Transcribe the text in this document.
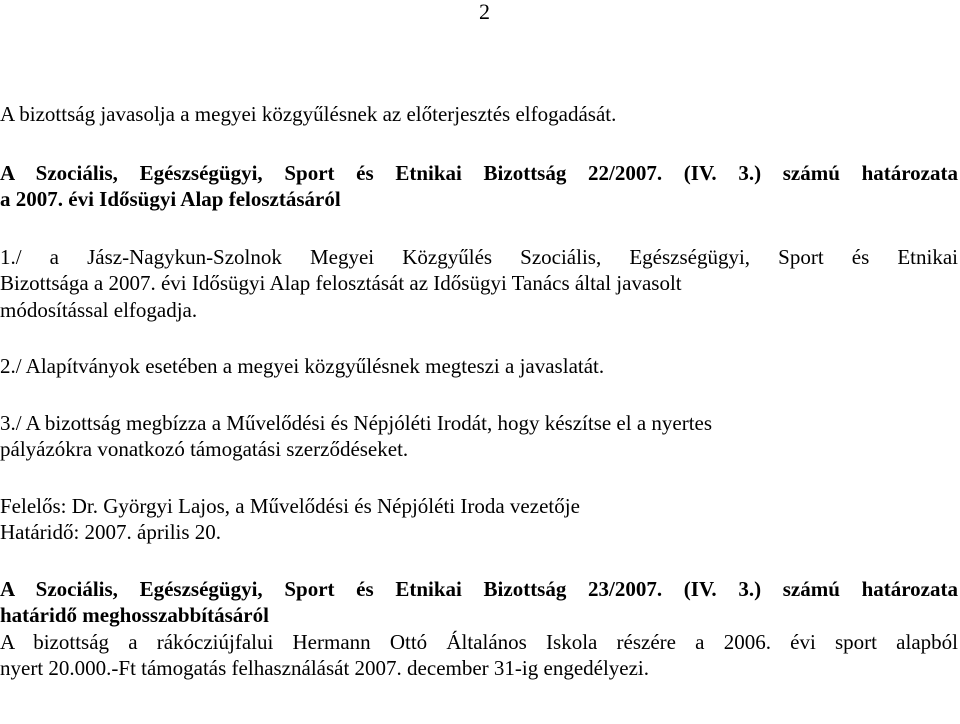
2

A bizottság javasolja a megyei közgyűlésnek az előterjesztés elfogadását.

A Szociális, Egészségügyi, Sport és Etnikai Bizottság 22/2007. (IV. 3.) számú határozata
a 2007. évi Idősügyi Alap felosztásáról

1./ a Jász-Nagykun-Szolnok Megyei Közgyűlés Szociális, Egészségügyi, Sport és Etnikai
Bizottsága a 2007. évi Idősügyi Alap felosztását az Idősügyi Tanács által javasolt
módosítással elfogadja.

2./ Alapítványok esetében a megyei közgyűlésnek megteszi a javaslatát.

3./ A bizottság megbízza a Művelődési és Népjóléti Irodát, hogy készítse el a nyertes
pályázókra vonatkozó támogatási szerződéseket.

Felelős: Dr. Györgyi Lajos, a Művelődési és Népjóléti Iroda vezetője
Határidő: 2007. április 20.

A Szociális, Egészségügyi, Sport és Etnikai Bizottság 23/2007. (IV. 3.) számú határozata
határidő meghosszabbításáról

A bizottság a rákócziújfalui Hermann Ottó Általános Iskola részére a 2006. évi sport alapból
nyert 20.000.-Ft támogatás felhasználását 2007. december 31-ig engedélyezi.
